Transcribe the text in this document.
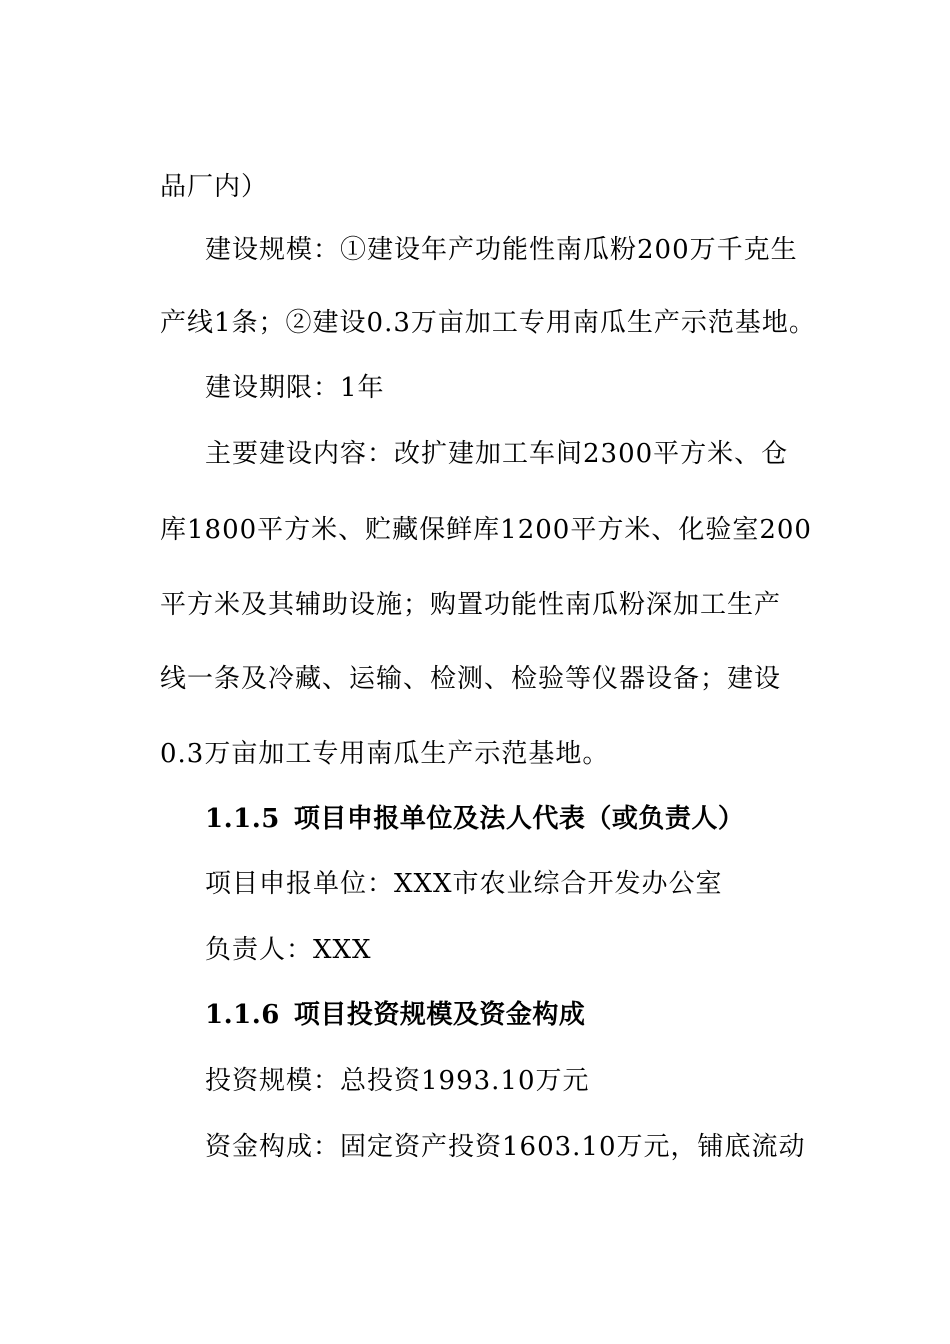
品厂内）
建设规模：①建设年产功能性南瓜粉200万千克生
产线1条；②建设0.3万亩加工专用南瓜生产示范基地。
建设期限：1年
主要建设内容：改扩建加工车间2300平方米、仓
库1800平方米、贮藏保鲜库1200平方米、化验室200
平方米及其辅助设施；购置功能性南瓜粉深加工生产
线一条及冷藏、运输、检测、检验等仪器设备；建设
0.3万亩加工专用南瓜生产示范基地。
1.1.5 项目申报单位及法人代表（或负责人）
项目申报单位：XXX市农业综合开发办公室
负责人：XXX
1.1.6 项目投资规模及资金构成
投资规模：总投资1993.10万元
资金构成：固定资产投资1603.10万元，铺底流动
